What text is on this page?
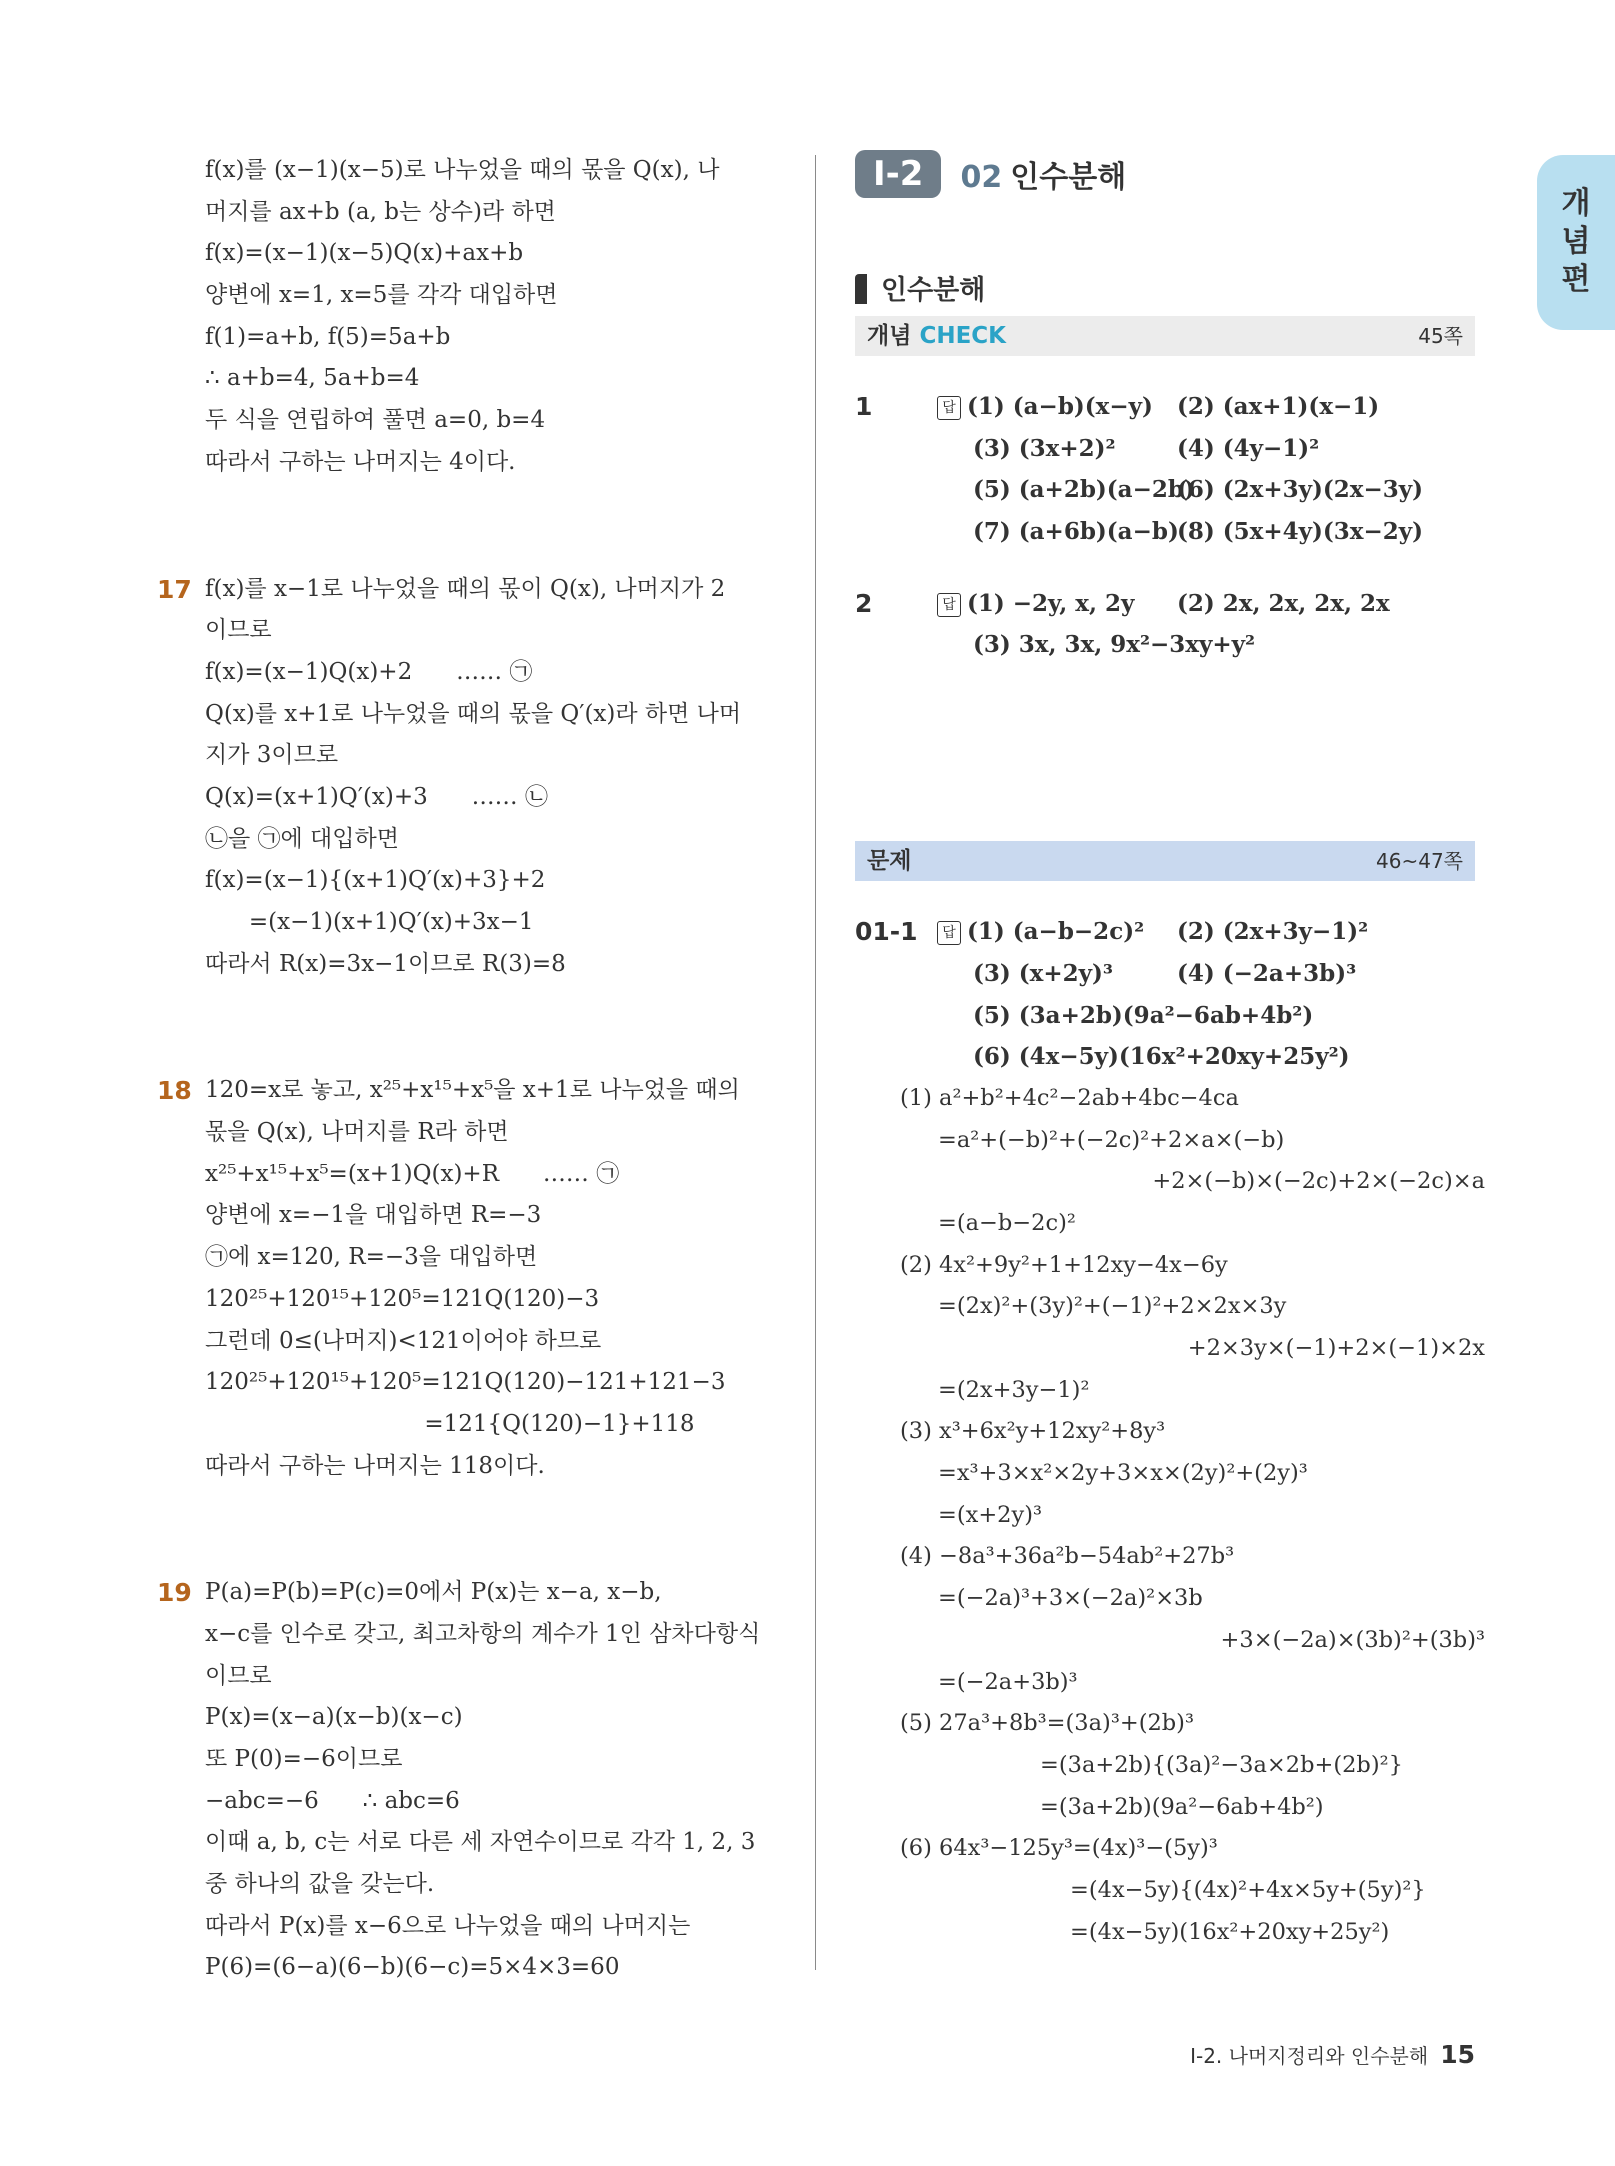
개념편
f(x)를 (x−1)(x−5)로 나누었을 때의 몫을 Q(x), 나
머지를 ax+b (a, b는 상수)라 하면
f(x)=(x−1)(x−5)Q(x)+ax+b
양변에 x=1, x=5를 각각 대입하면
f(1)=a+b, f(5)=5a+b
∴ a+b=4, 5a+b=4
두 식을 연립하여 풀면 a=0, b=4
따라서 구하는 나머지는 4이다.
17 f(x)를 x−1로 나누었을 때의 몫이 Q(x), 나머지가 2
이므로
f(x)=(x−1)Q(x)+2      …… ㉠
Q(x)를 x+1로 나누었을 때의 몫을 Q′(x)라 하면 나머
지가 3이므로
Q(x)=(x+1)Q′(x)+3      …… ㉡
㉡을 ㉠에 대입하면
f(x)=(x−1){(x+1)Q′(x)+3}+2
=(x−1)(x+1)Q′(x)+3x−1
따라서 R(x)=3x−1이므로 R(3)=8
18 120=x로 놓고, x²⁵+x¹⁵+x⁵을 x+1로 나누었을 때의
몫을 Q(x), 나머지를 R라 하면
x²⁵+x¹⁵+x⁵=(x+1)Q(x)+R      …… ㉠
양변에 x=−1을 대입하면 R=−3
㉠에 x=120, R=−3을 대입하면
120²⁵+120¹⁵+120⁵=121Q(120)−3
그런데 0≤(나머지)<121이어야 하므로
120²⁵+120¹⁵+120⁵=121Q(120)−121+121−3
=121{Q(120)−1}+118
따라서 구하는 나머지는 118이다.
19 P(a)=P(b)=P(c)=0에서 P(x)는 x−a, x−b,
x−c를 인수로 갖고, 최고차항의 계수가 1인 삼차다항식
이므로
P(x)=(x−a)(x−b)(x−c)
또 P(0)=−6이므로
−abc=−6      ∴ abc=6
이때 a, b, c는 서로 다른 세 자연수이므로 각각 1, 2, 3
중 하나의 값을 갖는다.
따라서 P(x)를 x−6으로 나누었을 때의 나머지는
P(6)=(6−a)(6−b)(6−c)=5×4×3=60
Ⅰ-2 02 인수분해
인수분해
개념 CHECK	45쪽
1	답 (1) (a−b)(x−y) (2) (ax+1)(x−1)
(3) (3x+2)²	(4) (4y−1)²
(5) (a+2b)(a−2b)
(6) (2x+3y)(2x−3y)
(7) (a+6b)(a−b)
(8) (5x+4y)(3x−2y)
2	답 (1) −2y, x, 2y (2) 2x, 2x, 2x, 2x
(3) 3x, 3x, 9x²−3xy+y²
문제	46~47쪽
01-1	답 (1) (a−b−2c)² (2) (2x+3y−1)²
(3) (x+2y)³	(4) (−2a+3b)³
(5) (3a+2b)(9a²−6ab+4b²)
(6) (4x−5y)(16x²+20xy+25y²)
(1) a²+b²+4c²−2ab+4bc−4ca
=a²+(−b)²+(−2c)²+2×a×(−b)
+2×(−b)×(−2c)+2×(−2c)×a
=(a−b−2c)²
(2) 4x²+9y²+1+12xy−4x−6y
=(2x)²+(3y)²+(−1)²+2×2x×3y
+2×3y×(−1)+2×(−1)×2x
=(2x+3y−1)²
(3) x³+6x²y+12xy²+8y³
=x³+3×x²×2y+3×x×(2y)²+(2y)³
=(x+2y)³
(4) −8a³+36a²b−54ab²+27b³
=(−2a)³+3×(−2a)²×3b
+3×(−2a)×(3b)²+(3b)³
=(−2a+3b)³
(5) 27a³+8b³=(3a)³+(2b)³
=(3a+2b){(3a)²−3a×2b+(2b)²}
=(3a+2b)(9a²−6ab+4b²)
(6) 64x³−125y³=(4x)³−(5y)³
=(4x−5y){(4x)²+4x×5y+(5y)²}
=(4x−5y)(16x²+20xy+25y²)
Ⅰ-2. 나머지정리와 인수분해 15
